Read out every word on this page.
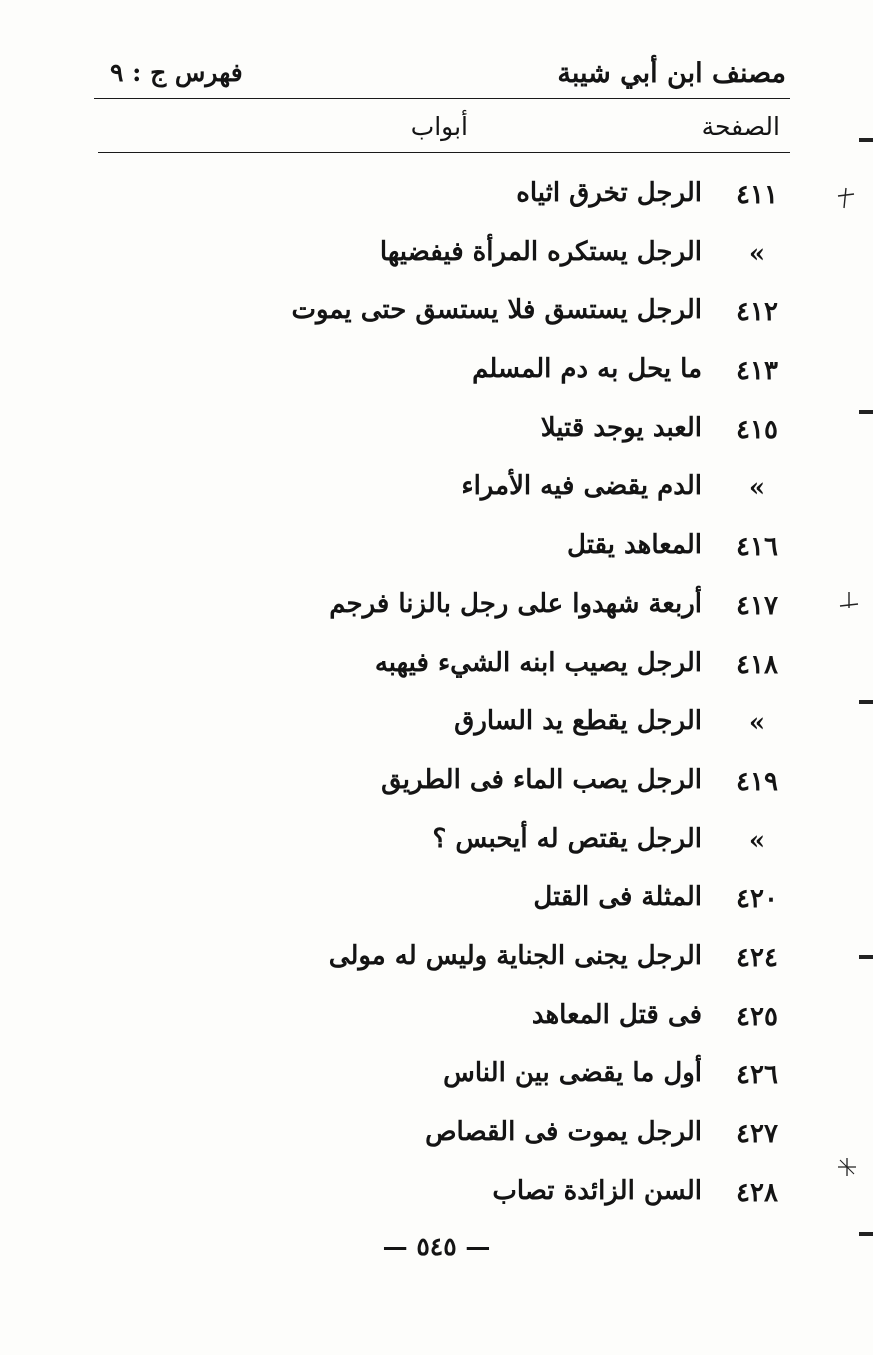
مصنف ابن أبي شيبة
فهرس ج : ٩
الصفحة
أبواب
٤١١
الرجل تخرق اثياه
»
الرجل يستكره المرأة فيفضيها
٤١٢
الرجل يستسق فلا يستسق حتى يموت
٤١٣
ما يحل به دم المسلم
٤١٥
العبد يوجد قتيلا
»
الدم يقضى فيه الأمراء
٤١٦
المعاهد يقتل
٤١٧
أربعة شهدوا على رجل بالزنا فرجم
٤١٨
الرجل يصيب ابنه الشيء فيهبه
»
الرجل يقطع يد السارق
٤١٩
الرجل يصب الماء فى الطريق
»
الرجل يقتص له أيحبس ؟
٤٢٠
المثلة فى القتل
٤٢٤
الرجل يجنى الجناية وليس له مولى
٤٢٥
فى قتل المعاهد
٤٢٦
أول ما يقضى بين الناس
٤٢٧
الرجل يموت فى القصاص
٤٢٨
السن الزائدة تصاب
— ٥٤٥ —
